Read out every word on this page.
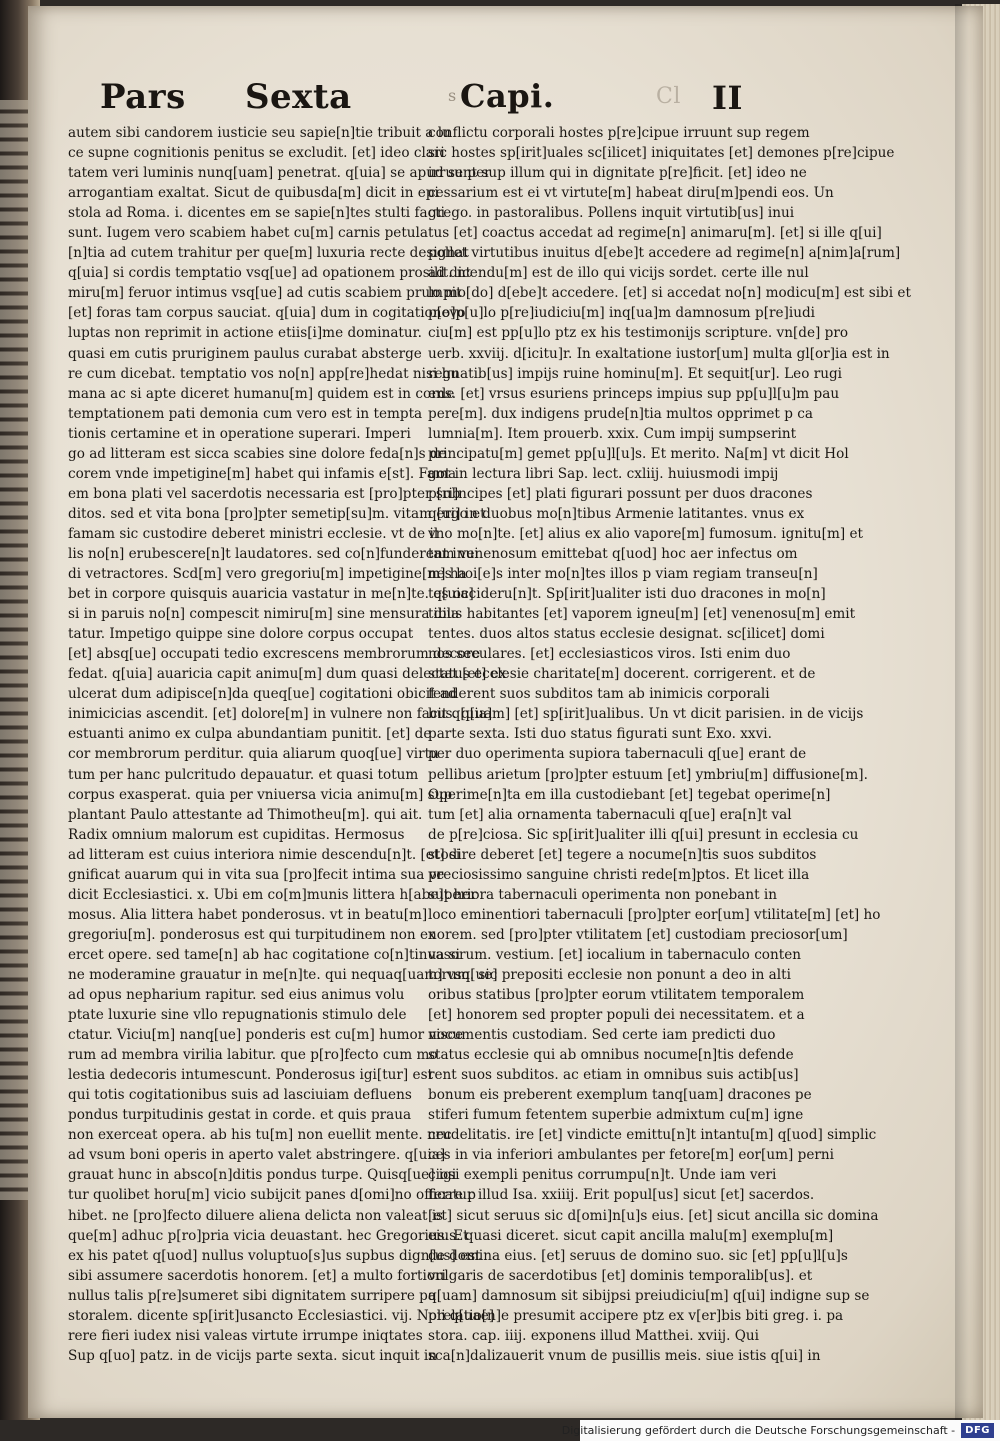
Pars Sexta	s Capi.	Cl II
autem sibi candorem iusticie seu sapie[n]tie tribuit a lu
ce supne cognitionis penitus se excludit. [et] ideo clari
tatem veri luminis nunq[uam] penetrat. q[uia] se apud se per
arrogantiam exaltat. Sicut de quibusda[m] dicit in epi
stola ad Roma. i. dicentes em se sapie[n]tes stulti facti
sunt. Iugem vero scabiem habet cu[m] carnis petula
[n]tia ad cutem trahitur per que[m] luxuria recte designat
q[uia] si cordis temptatio vsq[ue] ad opationem prosilit. nt
miru[m] feruor intimus vsq[ue] ad cutis scabiem prumpit
[et] foras tam corpus sauciat. q[uia] dum in cogitationevo
luptas non reprimit in actione etiis[i]me dominatur.
quasi em cutis pruriginem paulus curabat absterge
re cum dicebat. temptatio vos no[n] app[re]hedat nisi hu
mana ac si apte diceret humanu[m] quidem est in corde
temptationem pati demonia cum vero est in tempta
tionis certamine et in operatione superari. Imperi
go ad litteram est sicca scabies sine dolore feda[n]s de
corem vnde impetigine[m] habet qui infamis e[st]. Fama
em bona plati vel sacerdotis necessaria est [pro]pter sub
ditos. sed et vita bona [pro]pter semetip[su]m. vitam ergo et
famam sic custodire deberet ministri ecclesie. vt de il
lis no[n] erubescere[n]t laudatores. sed co[n]funderent inui
di vetractores. Scd[m] vero gregoriu[m] impetigine[m] ha
bet in corpore quisquis auaricia vastatur in me[n]te. q[uia]
si in paruis no[n] compescit nimiru[m] sine mensura dila
tatur. Impetigo quippe sine dolore corpus occupat
[et] absq[ue] occupati tedio excrescens membrorum decore
fedat. q[uia] auaricia capit animu[m] dum quasi delectat [et] ex
ulcerat dum adipisce[n]da queq[ue] cogitationi obicit ad
inimicicias ascendit. [et] dolore[m] in vulnere non facit q[uia]
estuanti animo ex culpa abundantiam punitit. [et] de
cor membrorum perditur. quia aliarum quoq[ue] virtu
tum per hanc pulcritudo depauatur. et quasi totum
corpus exasperat. quia per vniuersa vicia animu[m] sup
plantant Paulo attestante ad Thimotheu[m]. qui ait.
Radix omnium malorum est cupiditas. Hermosus
ad litteram est cuius interiora nimie descendu[n]t. [et] si
gnificat auarum qui in vita sua [pro]fecit intima sua ve
dicit Ecclesiastici. x. Ubi em co[m]munis littera h[abe]t her
mosus. Alia littera habet ponderosus. vt in beatu[m]
gregoriu[m]. ponderosus est qui turpitudinem non ex
ercet opere. sed tame[n] ab hac cogitatione co[n]tinua si
ne moderamine grauatur in me[n]te. qui nequaq[uam] vsq[ue]
ad opus nepharium rapitur. sed eius animus volu
ptate luxurie sine vllo repugnationis stimulo dele
ctatur. Viciu[m] nanq[ue] ponderis est cu[m] humor visce
rum ad membra virilia labitur. que p[ro]fecto cum mo
lestia dedecoris intumescunt. Ponderosus igi[tur] est
qui totis cogitationibus suis ad lasciuiam defluens
pondus turpitudinis gestat in corde. et quis praua
non exerceat opera. ab his tu[m] non euellit mente. nec
ad vsum boni operis in aperto valet abstringere. q[uia]
grauat hunc in absco[n]ditis pondus turpe. Quisq[ue] igi
tur quolibet horu[m] vicio subijcit panes d[omi]no offerre p
hibet. ne [pro]fecto diluere aliena delicta non valeat is
que[m] adhuc p[ro]pria vicia deuastant. hec Gregorius. Et
ex his patet q[uod] nullus voluptuo[s]us supbus dign[us] est
sibi assumere sacerdotis honorem. [et] a multo fortiori
nullus talis p[re]sumeret sibi dignitatem surripere pa
storalem. dicente sp[irit]usancto Ecclesiastici. vij. Noli q[uae]
rere fieri iudex nisi valeas virtute irrumpe iniqtates
Sup q[uo] patz. in de vicijs parte sexta. sicut inquit in
conflictu corporali hostes p[re]cipue irruunt sup regem
sic hostes sp[irit]uales sc[ilicet] iniquitates [et] demones p[re]cipue
irruunt sup illum qui in dignitate p[re]ficit. [et] ideo ne
cessarium est ei vt virtute[m] habeat diru[m]pendi eos. Un
grego. in pastoralibus. Pollens inquit virtutib[us] inui
tus [et] coactus accedat ad regime[n] animaru[m]. [et] si ille q[ui]
pollet virtutibus inuitus d[ebe]t accedere ad regime[n] a[nim]a[rum]
ad dicendu[m] est de illo qui vicijs sordet. certe ille nul
lo mo[do] d[ebe]t accedere. [et] si accedat no[n] modicu[m] est sibi et
p[o]p[u]lo p[re]iudiciu[m] inq[ua]m damnosum p[re]iudi
ciu[m] est pp[u]lo ptz ex his testimonijs scripture. vn[de] pro
uerb. xxviij. d[icitu]r. In exaltatione iustor[um] multa gl[or]ia est in
regnatib[us] impijs ruine hominu[m]. Et sequit[ur]. Leo rugi
ens. [et] vrsus esuriens princeps impius sup pp[u]l[u]m pau
pere[m]. dux indigens prude[n]tia multos opprimet p ca
lumnia[m]. Item prouerb. xxix. Cum impij sumpserint
principatu[m] gemet pp[u]l[u]s. Et merito. Na[m] vt dicit Hol
got in lectura libri Sap. lect. cxliij. huiusmodi impij
p[ri]ncipes [et] plati figurari possunt per duos dracones
q[ui] in duobus mo[n]tibus Armenie latitantes. vnus ex
vno mo[n]te. [et] alius ex alio vapore[m] fumosum. ignitu[m] et
tam venenosum emittebat q[uod] hoc aer infectus om
nes hoi[e]s inter mo[n]tes illos p viam regiam transeu[n]
tes occideru[n]t. Sp[irit]ualiter isti duo dracones in mo[n]
tibus habitantes [et] vaporem igneu[m] [et] venenosu[m] emit
tentes. duos altos status ecclesie designat. sc[ilicet] domi
nos seculares. [et] ecclesiasticos viros. Isti enim duo
status ecclesie charitate[m] docerent. corrigerent. et de
fenderent suos subditos tam ab inimicis corporali
bus. q[uam] [et] sp[irit]ualibus. Un vt dicit parisien. in de vicijs
parte sexta. Isti duo status figurati sunt Exo. xxvi.
per duo operimenta supiora tabernaculi q[ue] erant de
pellibus arietum [pro]pter estuum [et] ymbriu[m] diffusione[m].
Operime[n]ta em illa custodiebant [et] tegebat operime[n]
tum [et] alia ornamenta tabernaculi q[ue] era[n]t val
de p[re]ciosa. Sic sp[irit]ualiter illi q[ui] presunt in ecclesia cu
stodire deberet [et] tegere a nocume[n]tis suos subditos
preciosissimo sanguine christi rede[m]ptos. Et licet illa
superiora tabernaculi operimenta non ponebant in
loco eminentiori tabernaculi [pro]pter eor[um] vtilitate[m] [et] ho
norem. sed [pro]pter vtilitatem [et] custodiam preciosor[um]
vasorum. vestium. [et] iocalium in tabernaculo conten
torum. sic prepositi ecclesie non ponunt a deo in alti
oribus statibus [pro]pter eorum vtilitatem temporalem
[et] honorem sed propter populi dei necessitatem. et a
nocumentis custodiam. Sed certe iam predicti duo
status ecclesie qui ab omnibus nocume[n]tis defende
rent suos subditos. ac etiam in omnibus suis actib[us]
bonum eis preberent exemplum tanq[uam] dracones pe
stiferi fumum fetentem superbie admixtum cu[m] igne
crudelitatis. ire [et] vindicte emittu[n]t intantu[m] q[uod] simplic
ces in via inferiori ambulantes per fetore[m] eor[um] perni
ciosi exempli penitus corrumpu[n]t. Unde iam veri
ficatur illud Isa. xxiiij. Erit popul[us] sicut [et] sacerdos.
[et] sicut seruus sic d[omi]n[u]s eius. [et] sicut ancilla sic domina
eius. quasi diceret. sicut capit ancilla malu[m] exemplu[m]
de domina eius. [et] seruus de domino suo. sic [et] pp[u]l[u]s
vulgaris de sacerdotibus [et] dominis temporalib[us]. et
q[uam] damnosum sit sibijpsi preiudiciu[m] q[ui] indigne sup se
prelatio[n]e presumit accipere ptz ex v[er]bis biti greg. i. pa
stora. cap. iiij. exponens illud Matthei. xviij. Qui
sca[n]dalizauerit vnum de pusillis meis. siue istis q[ui] in
Digitalisierung gefördert durch die Deutsche Forschungsgemeinschaft -	DFG
